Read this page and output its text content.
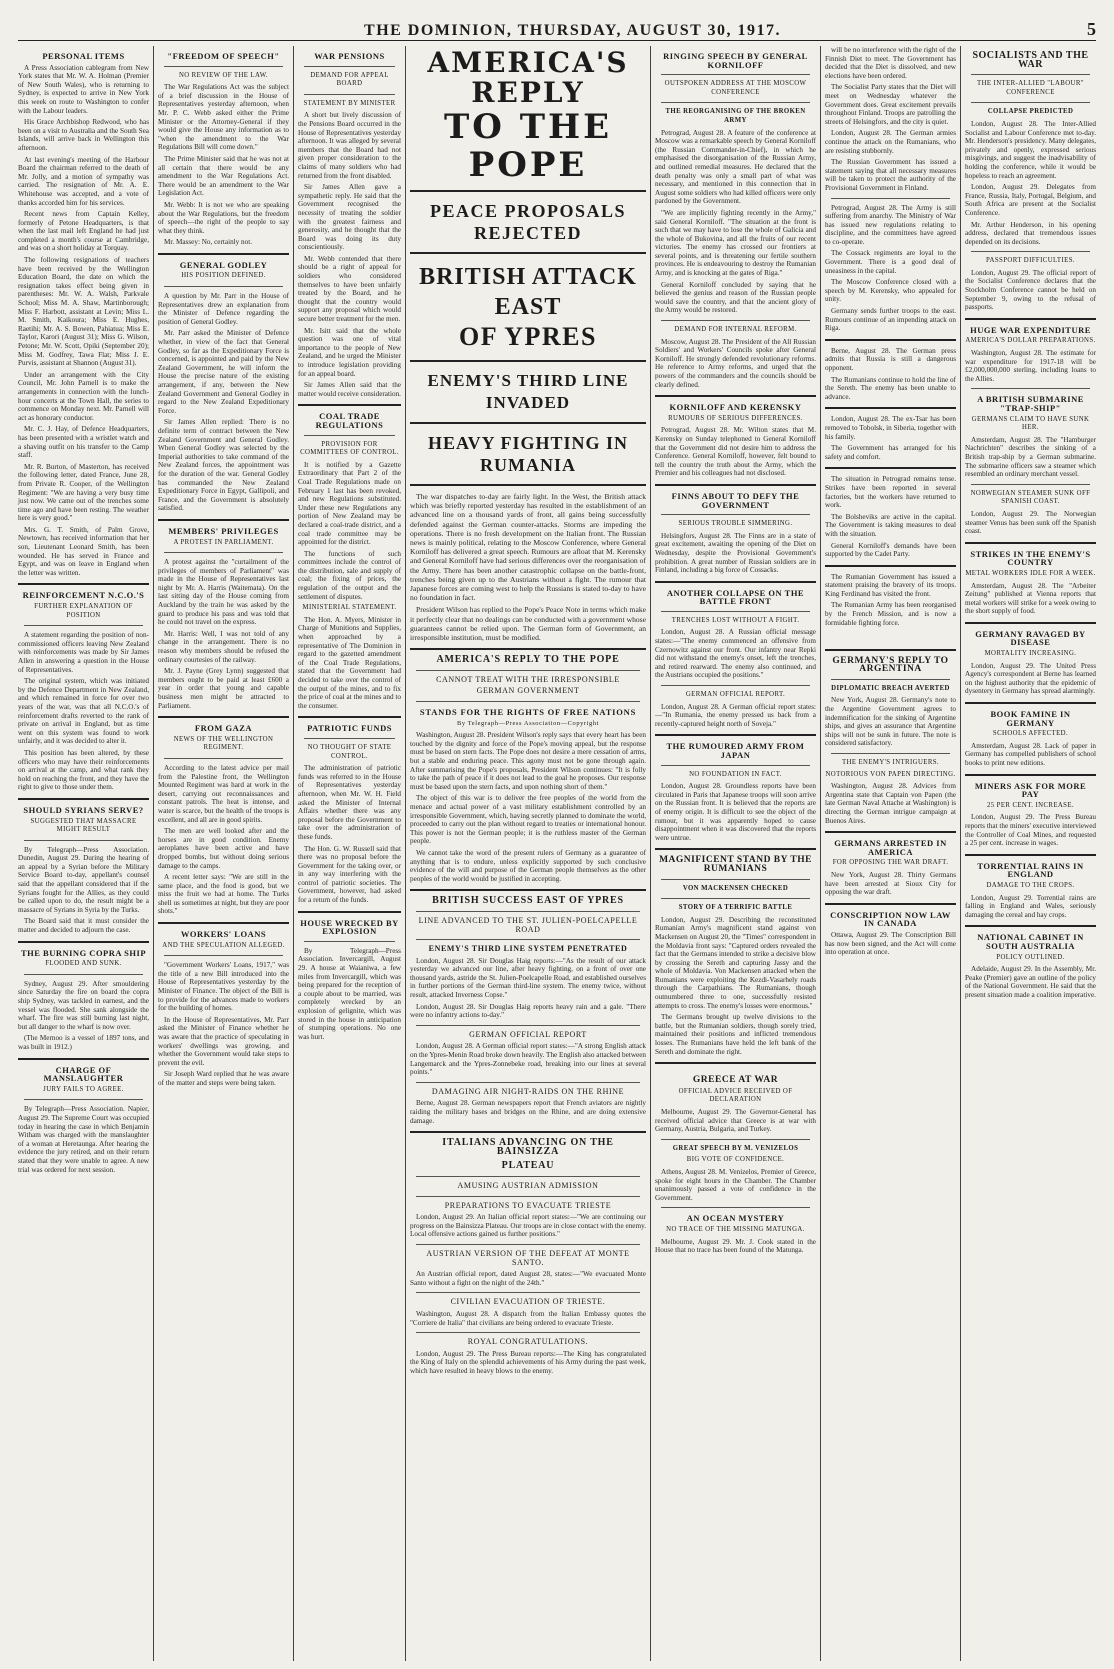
THE DOMINION, THURSDAY, AUGUST 30, 1917.	5
PERSONAL ITEMS

A Press Association cablegram from New York states that Mr. W. A. Holman (Premier of New South Wales), who is returning to Sydney, is expected to arrive in New York this week on route to Washington to confer with the Labour leaders.

His Grace Archbishop Redwood, who has been on a visit to Australia and the South Sea Islands, will arrive back in Wellington this afternoon.

At last evening's meeting of the Harbour Board the chairman referred to the death of Mr. Jolly, and a motion of sympathy was carried. The resignation of Mr. A. E. Whitehouse was accepted, and a vote of thanks accorded him for his services.

Recent news from Captain Kelley, formerly of Petone Headquarters, is that when the last mail left England he had just completed a month's course at Cambridge, and was on a short holiday at Torquay.

The following resignations of teachers have been received by the Wellington Education Board, the date on which the resignation takes effect being given in parentheses: Mr. W. A. Walsh, Parkvale School; Miss M. A. Shaw, Martinborough; Miss F. Harbott, assistant at Levin; Miss L. M. Smith, Kaikoura; Miss E. Hughes, Raetihi; Mr. A. S. Bowen, Pahiatua; Miss E. Taylor, Karori (August 31); Miss G. Wilson, Petone; Mr. W. Scott, Opiki (September 20); Miss M. Godfrey, Tawa Flat; Miss J. E. Purvis, assistant at Shannon (August 31).

Under an arrangement with the City Council, Mr. John Parnell is to make the arrangements in connection with the lunch-hour concerts at the Town Hall, the series to commence on Monday next. Mr. Parnell will act as honorary conductor.

Mr. C. J. Hay, of Defence Headquarters, has been presented with a wristlet watch and a shaving outfit on his transfer to the Camp staff.

Mr. R. Burton, of Masterton, has received the following letter, dated France, June 28, from Private R. Cooper, of the Wellington Regiment: "We are having a very busy time just now. We came out of the trenches some time ago and have been resting. The weather here is very good."

Mrs. G. T. Smith, of Palm Grove, Newtown, has received information that her son, Lieutenant Leonard Smith, has been wounded. He has served in France and Egypt, and was on leave in England when the letter was written.

REINFORCEMENT N.C.O.'S
FURTHER EXPLANATION OF POSITION

A statement regarding the position of non-commissioned officers leaving New Zealand with reinforcements was made by Sir James Allen in answering a question in the House of Representatives.

The original system, which was initiated by the Defence Department in New Zealand, and which remained in force for over two years of the war, was that all N.C.O.'s of reinforcement drafts reverted to the rank of private on arrival in England, but as time went on this system was found to work unfairly, and it was decided to alter it.

This position has been altered, by these officers who may have their reinforcements on arrival at the camp, and what rank they hold on reaching the front, and they have the right to give to those under them.

SHOULD SYRIANS SERVE?
SUGGESTED THAT MASSACRE MIGHT RESULT

By Telegraph—Press Association. Dunedin, August 29. During the hearing of an appeal by a Syrian before the Military Service Board to-day, appellant's counsel said that the appellant considered that if the Syrians fought for the Allies, as they could be called upon to do, the result might be a massacre of Syrians in Syria by the Turks.

The Board said that it must consider the matter and decided to adjourn the case.

THE BURNING COPRA SHIP
FLOODED AND SUNK.

Sydney, August 29. After smouldering since Saturday the fire on board the copra ship Sydney, was tackled in earnest, and the vessel was flooded. She sank alongside the wharf. The fire was still burning last night, but all danger to the wharf is now over.

(The Mernoo is a vessel of 1897 tons, and was built in 1912.)

CHARGE OF MANSLAUGHTER
JURY FAILS TO AGREE.

By Telegraph—Press Association. Napier, August 29. The Supreme Court was occupied today in hearing the case in which Benjamin Witham was charged with the manslaughter of a woman at Heretaunga. After hearing the evidence the jury retired, and on their return stated that they were unable to agree. A new trial was ordered for next session.

"FREEDOM OF SPEECH"
NO REVIEW OF THE LAW.

The War Regulations Act was the subject of a brief discussion in the House of Representatives yesterday afternoon, when Mr. P. C. Webb asked either the Prime Minister or the Attorney-General if they would give the House any information as to "when the amendment to the War Regulations Bill will come down."

The Prime Minister said that he was not at all certain that there would be any amendment to the War Regulations Act. There would be an amendment to the War Legislation Act.

Mr. Webb: It is not we who are speaking about the War Regulations, but the freedom of speech—the right of the people to say what they think.

Mr. Massey: No, certainly not.

GENERAL GODLEY
HIS POSITION DEFINED.

A question by Mr. Parr in the House of Representatives drew an explanation from the Minister of Defence regarding the position of General Godley.

Mr. Parr asked the Minister of Defence whether, in view of the fact that General Godley, so far as the Expeditionary Force is concerned, is appointed and paid by the New Zealand Government, he will inform the House the precise nature of the existing arrangement, if any, between the New Zealand Government and General Godley in regard to the New Zealand Expeditionary Force.

Sir James Allen replied: There is no definite term of contract between the New Zealand Government and General Godley. When General Godley was selected by the Imperial authorities to take command of the New Zealand forces, the appointment was for the duration of the war. General Godley has commanded the New Zealand Expeditionary Force in Egypt, Gallipoli, and France, and the Government is absolutely satisfied.

MEMBERS' PRIVILEGES
A PROTEST IN PARLIAMENT.

A protest against the "curtailment of the privileges of members of Parliament" was made in the House of Representatives last night by Mr. A. Harris (Waitemata). On the last sitting day of the House coming from Auckland by the train he was asked by the guard to produce his pass and was told that he could not travel on the express.

Mr. Harris: Well, I was not told of any change in the arrangement. There is no reason why members should be refused the ordinary courtesies of the railway.

Mr. J. Payne (Grey Lynn) suggested that members ought to be paid at least £600 a year in order that young and capable business men might be attracted to Parliament.

FROM GAZA
NEWS OF THE WELLINGTON REGIMENT.

According to the latest advice per mail from the Palestine front, the Wellington Mounted Regiment was hard at work in the desert, carrying out reconnaissances and constant patrols. The heat is intense, and water is scarce, but the health of the troops is excellent, and all are in good spirits.

The men are well looked after and the horses are in good condition. Enemy aeroplanes have been active and have dropped bombs, but without doing serious damage to the camps.

A recent letter says: "We are still in the same place, and the food is good, but we miss the fruit we had at home. The Turks shell us sometimes at night, but they are poor shots."

WORKERS' LOANS
AND THE SPECULATION ALLEGED.

"Government Workers' Loans, 1917," was the title of a new Bill introduced into the House of Representatives yesterday by the Minister of Finance. The object of the Bill is to provide for the advances made to workers for the building of homes.

In the House of Representatives, Mr. Parr asked the Minister of Finance whether he was aware that the practice of speculating in workers' dwellings was growing, and whether the Government would take steps to prevent the evil.

Sir Joseph Ward replied that he was aware of the matter and steps were being taken.

WAR PENSIONS
DEMAND FOR APPEAL BOARD
STATEMENT BY MINISTER

A short but lively discussion of the Pensions Board occurred in the House of Representatives yesterday afternoon. It was alleged by several members that the Board had not given proper consideration to the claims of many soldiers who had returned from the front disabled.

Sir James Allen gave a sympathetic reply. He said that the Government recognised the necessity of treating the soldier with the greatest fairness and generosity, and he thought that the Board was doing its duty conscientiously.

Mr. Webb contended that there should be a right of appeal for soldiers who considered themselves to have been unfairly treated by the Board, and he thought that the country would support any proposal which would secure better treatment for the men.

Mr. Isitt said that the whole question was one of vital importance to the people of New Zealand, and he urged the Minister to introduce legislation providing for an appeal board.

Sir James Allen said that the matter would receive consideration.

COAL TRADE REGULATIONS
PROVISION FOR COMMITTEES OF CONTROL.

It is notified by a Gazette Extraordinary that Part 2 of the Coal Trade Regulations made on February 1 last has been revoked, and new Regulations substituted. Under these new Regulations any portion of New Zealand may be declared a coal-trade district, and a coal trade committee may be appointed for the district.

The functions of such committees include the control of the distribution, sale and supply of coal; the fixing of prices, the regulation of the output and the settlement of disputes.

MINISTERIAL STATEMENT.

The Hon. A. Myers, Minister in Charge of Munitions and Supplies, when approached by a representative of The Dominion in regard to the gazetted amendment of the Coal Trade Regulations, stated that the Government had decided to take over the control of the output of the mines, and to fix the price of coal at the mines and to the consumer.

PATRIOTIC FUNDS
NO THOUGHT OF STATE CONTROL.

The administration of patriotic funds was referred to in the House of Representatives yesterday afternoon, when Mr. W. H. Field asked the Minister of Internal Affairs whether there was any proposal before the Government to take over the administration of these funds.

The Hon. G. W. Russell said that there was no proposal before the Government for the taking over, or in any way interfering with the control of patriotic societies. The Government, however, had asked for a return of the funds.

HOUSE WRECKED BY EXPLOSION

By Telegraph—Press Association. Invercargill, August 29. A house at Waianiwa, a few miles from Invercargill, which was being prepared for the reception of a couple about to be married, was completely wrecked by an explosion of gelignite, which was stored in the house in anticipation of stumping operations. No one was hurt.

AMERICA'S REPLY
TO THE POPE
PEACE PROPOSALS REJECTED
BRITISH ATTACK EAST
OF YPRES
ENEMY'S THIRD LINE INVADED
HEAVY FIGHTING IN RUMANIA

The war dispatches to-day are fairly light. In the West, the British attack which was briefly reported yesterday has resulted in the establishment of an advanced line on a thousand yards of front, all gains being successfully defended against the German counter-attacks. Storms are impeding the operations. There is no fresh development on the Italian front. The Russian news is mainly political, relating to the Moscow Conference, where General Korniloff has delivered a great speech. Rumours are afloat that M. Kerensky and General Korniloff have had serious differences over the reorganisation of the Army. There has been another catastrophic collapse on the battle-front, trenches being given up to the Austrians without a fight. The rumour that Japanese forces are coming west to help the Russians is stated to-day to have no foundation in fact.

President Wilson has replied to the Pope's Peace Note in terms which make it perfectly clear that no dealings can be conducted with a government whose guarantees cannot be relied upon. The German form of Government, an irresponsible institution, must be modified.

AMERICA'S REPLY TO THE POPE
CANNOT TREAT WITH THE IRRESPONSIBLE
GERMAN GOVERNMENT
STANDS FOR THE RIGHTS OF FREE NATIONS
By Telegraph—Press Association—Copyright

Washington, August 28. President Wilson's reply says that every heart has been touched by the dignity and force of the Pope's moving appeal, but the response must be based on stern facts. The Pope does not desire a mere cessation of arms, but a stable and enduring peace. This agony must not be gone through again. After summarising the Pope's proposals, President Wilson continues: "It is folly to take the path of peace if it does not lead to the goal he proposes. Our response must be based upon the stern facts, and upon nothing short of them."

The object of this war is to deliver the free peoples of the world from the menace and actual power of a vast military establishment controlled by an irresponsible Government, which, having secretly planned to dominate the world, proceeded to carry out the plan without regard to treaties or international honour. This power is not the German people; it is the ruthless master of the German people.

We cannot take the word of the present rulers of Germany as a guarantee of anything that is to endure, unless explicitly supported by such conclusive evidence of the will and purpose of the German people themselves as the other peoples of the world would be justified in accepting.

BRITISH SUCCESS EAST OF YPRES
LINE ADVANCED TO THE ST. JULIEN-POELCAPELLE ROAD
ENEMY'S THIRD LINE SYSTEM PENETRATED

London, August 28. Sir Douglas Haig reports:—"As the result of our attack yesterday we advanced our line, after heavy fighting, on a front of over one thousand yards, astride the St. Julien-Poelcapelle Road, and established ourselves in further portions of the German third-line system. The enemy twice, without result, attacked Inverness Copse."

London, August 28. Sir Douglas Haig reports heavy rain and a gale. "There were no infantry actions to-day."

GERMAN OFFICIAL REPORT

London, August 28. A German official report states:—"A strong English attack on the Ypres-Menin Road broke down heavily. The English also attacked between Langemarck and the Ypres-Zonnebeke road, breaking into our lines at several points."

DAMAGING AIR NIGHT-RAIDS ON THE RHINE

Berne, August 28. German newspapers report that French aviators are nightly raiding the military bases and bridges on the Rhine, and are doing extensive damage.

ITALIANS ADVANCING ON THE BAINSIZZA
PLATEAU
AMUSING AUSTRIAN ADMISSION
PREPARATIONS TO EVACUATE TRIESTE

London, August 29. An Italian official report states:—"We are continuing our progress on the Bainsizza Plateau. Our troops are in close contact with the enemy. Local offensive actions gained us further positions."

AUSTRIAN VERSION OF THE DEFEAT AT MONTE SANTO.

An Austrian official report, dated August 28, states:—"We evacuated Monte Santo without a fight on the night of the 24th."

CIVILIAN EVACUATION OF TRIESTE.

Washington, August 28. A dispatch from the Italian Embassy quotes the "Corriere de Italia" that civilians are being ordered to evacuate Trieste.

ROYAL CONGRATULATIONS.

London, August 29. The Press Bureau reports:—The King has congratulated the King of Italy on the splendid achievements of his Army during the past week, which have resulted in heavy blows to the enemy.

RINGING SPEECH BY GENERAL KORNILOFF
OUTSPOKEN ADDRESS AT THE MOSCOW CONFERENCE
THE REORGANISING OF THE BROKEN ARMY

Petrograd, August 28. A feature of the conference at Moscow was a remarkable speech by General Korniloff (the Russian Commander-in-Chief), in which he emphasised the disorganisation of the Russian Army, and outlined remedial measures. He declared that the death penalty was only a small part of what was necessary, and mentioned in this connection that in August some soldiers who had killed officers were only pardoned by the Government.

"We are implicitly fighting recently in the Army," said General Korniloff. "The situation at the front is such that we may have to lose the whole of Galicia and the whole of Bukovina, and all the fruits of our recent victories. The enemy has crossed our frontiers at several points, and is threatening our fertile southern provinces. He is endeavouring to destroy the Rumanian Army, and is knocking at the gates of Riga."

General Korniloff concluded by saying that he believed the genius and reason of the Russian people would save the country, and that the ancient glory of the Army would be restored.

DEMAND FOR INTERNAL REFORM.

Moscow, August 28. The President of the All Russian Soldiers' and Workers' Councils spoke after General Korniloff. He strongly defended revolutionary reforms. He reference to Army reforms, and urged that the powers of the commanders and the councils should be clearly defined.

KORNILOFF AND KERENSKY
RUMOURS OF SERIOUS DIFFERENCES.

Petrograd, August 28. Mr. Wilton states that M. Kerensky on Sunday telephoned to General Korniloff that the Government did not desire him to address the Conference. General Korniloff, however, felt bound to tell the country the truth about the Army, which the Premier and his colleagues had not disclosed.

FINNS ABOUT TO DEFY THE GOVERNMENT
SERIOUS TROUBLE SIMMERING.

Helsingfors, August 28. The Finns are in a state of great excitement, awaiting the opening of the Diet on Wednesday, despite the Provisional Government's prohibition. A great number of Russian soldiers are in Finland, including a big force of Cossacks.

ANOTHER COLLAPSE ON THE BATTLE FRONT
TRENCHES LOST WITHOUT A FIGHT.

London, August 28. A Russian official message states:—"The enemy commenced an offensive from Czernowitz against our front. Our infantry near Repki did not withstand the enemy's onset, left the trenches, and retired rearward. The enemy also continued, and the Austrians occupied the positions."

GERMAN OFFICIAL REPORT.

London, August 28. A German official report states:—"In Rumania, the enemy pressed us back from a recently-captured height north of Soveja."

THE RUMOURED ARMY FROM JAPAN
NO FOUNDATION IN FACT.

London, August 28. Groundless reports have been circulated in Paris that Japanese troops will soon arrive on the Russian front. It is believed that the reports are of enemy origin. It is difficult to see the object of the rumour, but it was apparently hoped to cause disappointment when it was discovered that the reports were untrue.

MAGNIFICENT STAND BY THE RUMANIANS
VON MACKENSEN CHECKED
STORY OF A TERRIFIC BATTLE

London, August 29. Describing the reconstituted Rumanian Army's magnificent stand against von Mackensen on August 20, the "Times" correspondent in the Moldavia front says: "Captured orders revealed the fact that the Germans intended to strike a decisive blow by crossing the Sereth and capturing Jassy and the whole of Moldavia. Von Mackensen attacked when the Rumanians were exploiting the Kezdi-Vasarhely roads through the Carpathians. The Rumanians, though outnumbered three to one, successfully resisted attempts to cross. The enemy's losses were enormous."

The Germans brought up twelve divisions to the battle, but the Rumanian soldiers, though sorely tried, maintained their positions and inflicted tremendous losses. The Rumanians have held the left bank of the Sereth and dominate the right.

GREECE AT WAR
OFFICIAL ADVICE RECEIVED OF DECLARATION

Melbourne, August 29. The Governor-General has received official advice that Greece is at war with Germany, Austria, Bulgaria, and Turkey.

GREAT SPEECH BY M. VENIZELOS
BIG VOTE OF CONFIDENCE.

Athens, August 28. M. Venizelos, Premier of Greece, spoke for eight hours in the Chamber. The Chamber unanimously passed a vote of confidence in the Government.

AN OCEAN MYSTERY
NO TRACE OF THE MISSING MATUNGA.

Melbourne, August 29. Mr. J. Cook stated in the House that no trace has been found of the Matunga.

will be no interference with the right of the Finnish Diet to meet. The Government has decided that the Diet is dissolved, and new elections have been ordered.

The Socialist Party states that the Diet will meet on Wednesday whatever the Government does. Great excitement prevails throughout Finland. Troops are patrolling the streets of Helsingfors, and the city is quiet.

London, August 28. The German armies continue the attack on the Rumanians, who are resisting stubbornly.

The Russian Government has issued a statement saying that all necessary measures will be taken to protect the authority of the Provisional Government in Finland.

Petrograd, August 28. The Army is still suffering from anarchy. The Ministry of War has issued new regulations relating to discipline, and the committees have agreed to co-operate.

The Cossack regiments are loyal to the Government. There is a good deal of uneasiness in the capital.

The Moscow Conference closed with a speech by M. Kerensky, who appealed for unity.

Germany sends further troops to the east. Rumours continue of an impending attack on Riga.

Berne, August 28. The German press admits that Russia is still a dangerous opponent.

The Rumanians continue to hold the line of the Sereth. The enemy has been unable to advance.

London, August 28. The ex-Tsar has been removed to Tobolsk, in Siberia, together with his family.

The Government has arranged for his safety and comfort.

The situation in Petrograd remains tense. Strikes have been reported in several factories, but the workers have returned to work.

The Bolsheviks are active in the capital. The Government is taking measures to deal with the situation.

General Korniloff's demands have been supported by the Cadet Party.

The Rumanian Government has issued a statement praising the bravery of its troops. King Ferdinand has visited the front.

The Rumanian Army has been reorganised by the French Mission, and is now a formidable fighting force.

GERMANY'S REPLY TO ARGENTINA
DIPLOMATIC BREACH AVERTED

New York, August 28. Germany's note to the Argentine Government agrees to indemnification for the sinking of Argentine ships, and gives an assurance that Argentine ships will not be sunk in future. The note is considered satisfactory.

THE ENEMY'S INTRIGUERS.
NOTORIOUS VON PAPEN DIRECTING.

Washington, August 28. Advices from Argentina state that Captain von Papen (the late German Naval Attache at Washington) is directing the German intrigue campaign at Buenos Aires.

GERMANS ARRESTED IN AMERICA
FOR OPPOSING THE WAR DRAFT.

New York, August 28. Thirty Germans have been arrested at Sioux City for opposing the war draft.

CONSCRIPTION NOW LAW IN CANADA

Ottawa, August 29. The Conscription Bill has now been signed, and the Act will come into operation at once.

SOCIALISTS AND THE WAR
THE INTER-ALLIED "LABOUR" CONFERENCE
COLLAPSE PREDICTED

London, August 28. The Inter-Allied Socialist and Labour Conference met to-day. Mr. Henderson's presidency. Many delegates, privately and openly, expressed serious misgivings, and suggest the inadvisability of holding the conference, while it would be hopeless to reach an agreement.

London, August 29. Delegates from France, Russia, Italy, Portugal, Belgium, and South Africa are present at the Socialist Conference.

Mr. Arthur Henderson, in his opening address, declared that tremendous issues depended on its decisions.

PASSPORT DIFFICULTIES.

London, August 29. The official report of the Socialist Conference declares that the Stockholm Conference cannot be held on September 9, owing to the refusal of passports.

HUGE WAR EXPENDITURE
AMERICA'S DOLLAR PREPARATIONS.

Washington, August 28. The estimate for war expenditure for 1917-18 will be £2,000,000,000 sterling, including loans to the Allies.

A BRITISH SUBMARINE "TRAP-SHIP"
GERMANS CLAIM TO HAVE SUNK HER.

Amsterdam, August 28. The "Hamburger Nachrichten" describes the sinking of a British trap-ship by a German submarine. The submarine officers saw a steamer which resembled an ordinary merchant vessel.

NORWEGIAN STEAMER SUNK OFF SPANISH COAST.

London, August 29. The Norwegian steamer Venus has been sunk off the Spanish coast.

STRIKES IN THE ENEMY'S COUNTRY
METAL WORKERS IDLE FOR A WEEK.

Amsterdam, August 28. The "Arbeiter Zeitung" published at Vienna reports that metal workers will strike for a week owing to the short supply of food.

GERMANY RAVAGED BY DISEASE
MORTALITY INCREASING.

London, August 29. The United Press Agency's correspondent at Berne has learned on the highest authority that the epidemic of dysentery in Germany has spread alarmingly.

BOOK FAMINE IN GERMANY
SCHOOLS AFFECTED.

Amsterdam, August 28. Lack of paper in Germany has compelled publishers of school books to print new editions.

MINERS ASK FOR MORE PAY
25 PER CENT. INCREASE.

London, August 29. The Press Bureau reports that the miners' executive interviewed the Controller of Coal Mines, and requested a 25 per cent. increase in wages.

TORRENTIAL RAINS IN ENGLAND
DAMAGE TO THE CROPS.

London, August 29. Torrential rains are falling in England and Wales, seriously damaging the cereal and hay crops.

NATIONAL CABINET IN SOUTH AUSTRALIA
POLICY OUTLINED.

Adelaide, August 29. In the Assembly, Mr. Peake (Premier) gave an outline of the policy of the National Government. He said that the present situation made a coalition imperative.
